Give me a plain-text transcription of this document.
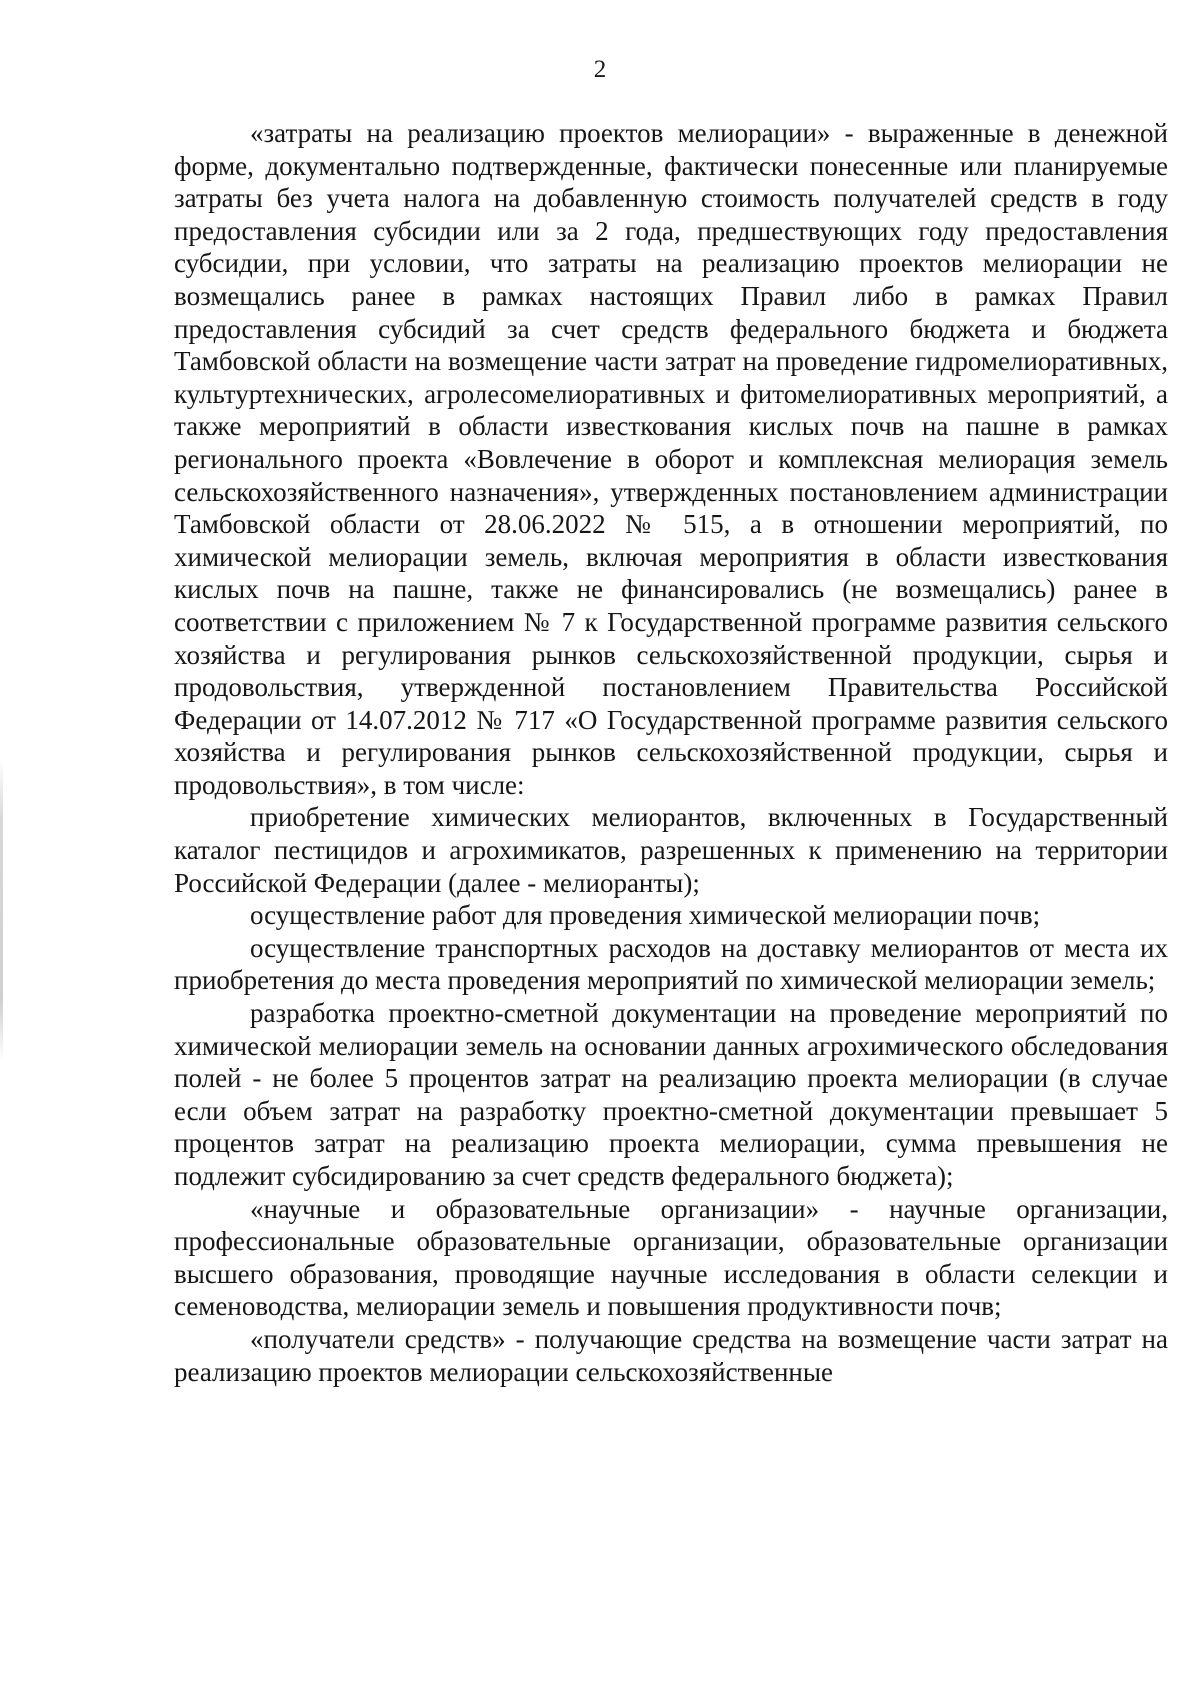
2

«затраты на реализацию проектов мелиорации» - выраженные в денежной форме, документально подтвержденные, фактически понесенные или планируемые затраты без учета налога на добавленную стоимость получателей средств в году предоставления субсидии или за 2 года, предшествующих году предоставления субсидии, при условии, что затраты на реализацию проектов мелиорации не возмещались ранее в рамках настоящих Правил либо в рамках Правил предоставления субсидий за счет средств федерального бюджета и бюджета Тамбовской области на возмещение части затрат на проведение гидромелиоративных, культуртехнических, агролесомелиоративных и фитомелиоративных мероприятий, а также мероприятий в области известкования кислых почв на пашне в рамках регионального проекта «Вовлечение в оборот и комплексная мелиорация земель сельскохозяйственного назначения», утвержденных постановлением администрации Тамбовской области от 28.06.2022 № 515, а в отношении мероприятий, по химической мелиорации земель, включая мероприятия в области известкования кислых почв на пашне, также не финансировались (не возмещались) ранее в соответствии с приложением № 7 к Государственной программе развития сельского хозяйства и регулирования рынков сельскохозяйственной продукции, сырья и продовольствия, утвержденной постановлением Правительства Российской Федерации от 14.07.2012 № 717 «О Государственной программе развития сельского хозяйства и регулирования рынков сельскохозяйственной продукции, сырья и продовольствия», в том числе:

приобретение химических мелиорантов, включенных в Государственный каталог пестицидов и агрохимикатов, разрешенных к применению на территории Российской Федерации (далее - мелиоранты);

осуществление работ для проведения химической мелиорации почв;

осуществление транспортных расходов на доставку мелиорантов от места их приобретения до места проведения мероприятий по химической мелиорации земель;

разработка проектно-сметной документации на проведение мероприятий по химической мелиорации земель на основании данных агрохимического обследования полей - не более 5 процентов затрат на реализацию проекта мелиорации (в случае если объем затрат на разработку проектно-сметной документации превышает 5 процентов затрат на реализацию проекта мелиорации, сумма превышения не подлежит субсидированию за счет средств федерального бюджета);

«научные и образовательные организации» - научные организации, профессиональные образовательные организации, образовательные организации высшего образования, проводящие научные исследования в области селекции и семеноводства, мелиорации земель и повышения продуктивности почв;

«получатели средств» - получающие средства на возмещение части затрат на реализацию проектов мелиорации сельскохозяйственные
